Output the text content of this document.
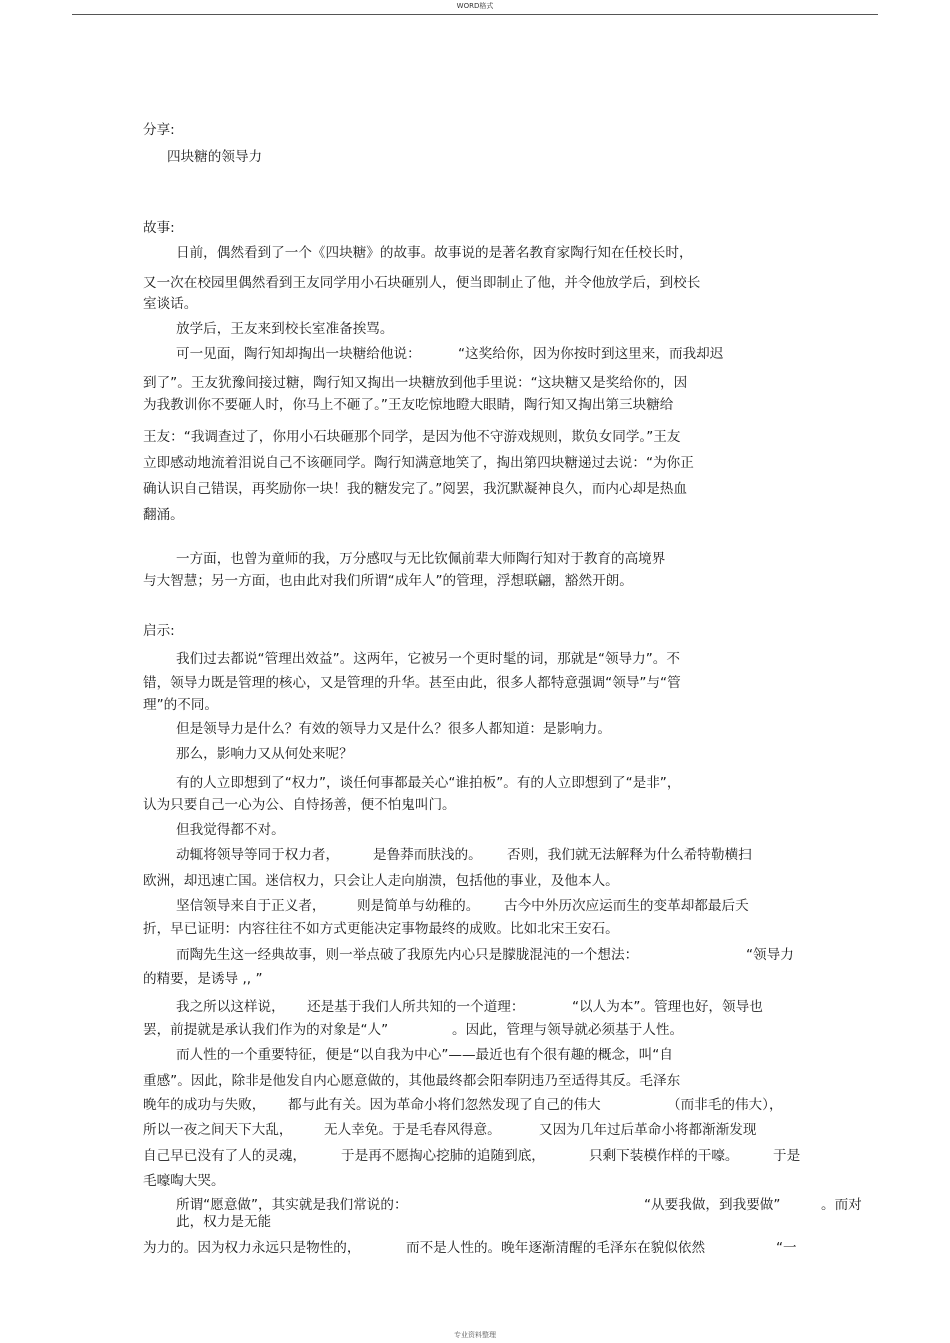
WORD格式
分享:
四块糖的领导力
故事:
日前，偶然看到了一个《四块糖》的故事。故事说的是著名教育家陶行知在任校长时，
又一次在校园里偶然看到王友同学用小石块砸别人，便当即制止了他，并令他放学后，到校长
室谈话。
放学后，王友来到校长室准备挨骂。
可一见面，陶行知却掏出一块糖给他说：	“这奖给你，因为你按时到这里来，而我却迟
到了”。王友犹豫间接过糖，陶行知又掏出一块糖放到他手里说：“这块糖又是奖给你的，因
为我教训你不要砸人时，你马上不砸了。”王友吃惊地瞪大眼睛，陶行知又掏出第三块糖给
王友：“我调查过了，你用小石块砸那个同学，是因为他不守游戏规则，欺负女同学。”王友
立即感动地流着泪说自己不该砸同学。陶行知满意地笑了，掏出第四块糖递过去说：“为你正
确认识自己错误，再奖励你一块！我的糖发完了。”阅罢，我沉默凝神良久，而内心却是热血
翻涌。
一方面，也曾为童师的我，万分感叹与无比钦佩前辈大师陶行知对于教育的高境界
与大智慧；另一方面，也由此对我们所谓“成年人”的管理，浮想联翩，豁然开朗。
启示:
我们过去都说“管理出效益”。这两年，它被另一个更时髦的词，那就是“领导力”。不
错，领导力既是管理的核心，又是管理的升华。甚至由此，很多人都特意强调“领导”与“管
理”的不同。
但是领导力是什么？有效的领导力又是什么？很多人都知道：是影响力。
那么，影响力又从何处来呢？
有的人立即想到了“权力”，谈任何事都最关心“谁拍板”。有的人立即想到了“是非”，
认为只要自己一心为公、自恃扬善，便不怕鬼叫门。
但我觉得都不对。
动辄将领导等同于权力者， 是鲁莽而肤浅的。 否则，我们就无法解释为什么希特勒横扫
欧洲，却迅速亡国。迷信权力，只会让人走向崩溃，包括他的事业，及他本人。
坚信领导来自于正义者， 则是简单与幼稚的。 古今中外历次应运而生的变革却都最后夭
折，早已证明：内容往往不如方式更能决定事物最终的成败。比如北宋王安石。
而陶先生这一经典故事，则一举点破了我原先内心只是朦胧混沌的一个想法：	“领导力
的精要，是诱导 ,, ”
我之所以这样说， 还是基于我们人所共知的一个道理：	“以人为本”。管理也好，领导也
罢，前提就是承认我们作为的对象是“人”	。因此，管理与领导就必须基于人性。
而人性的一个重要特征，便是“以自我为中心”——最近也有个很有趣的概念，叫“自
重感”。因此，除非是他发自内心愿意做的，其他最终都会阳奉阴违乃至适得其反。毛泽东
晚年的成功与失败， 都与此有关。因为革命小将们忽然发现了自己的伟大	（而非毛的伟大），
所以一夜之间天下大乱， 无人幸免。于是毛春风得意。	又因为几年过后革命小将都渐渐发现
自己早已没有了人的灵魂，	于是再不愿掏心挖肺的追随到底，	只剩下装模作样的干嚎。	于是
毛嚎啕大哭。
所谓“愿意做”，其实就是我们常说的：	“从要我做，到我要做”	。而对
此，权力是无能
为力的。因为权力永远只是物性的，	而不是人性的。晚年逐渐清醒的毛泽东在貌似依然	“一
专业资料整理
